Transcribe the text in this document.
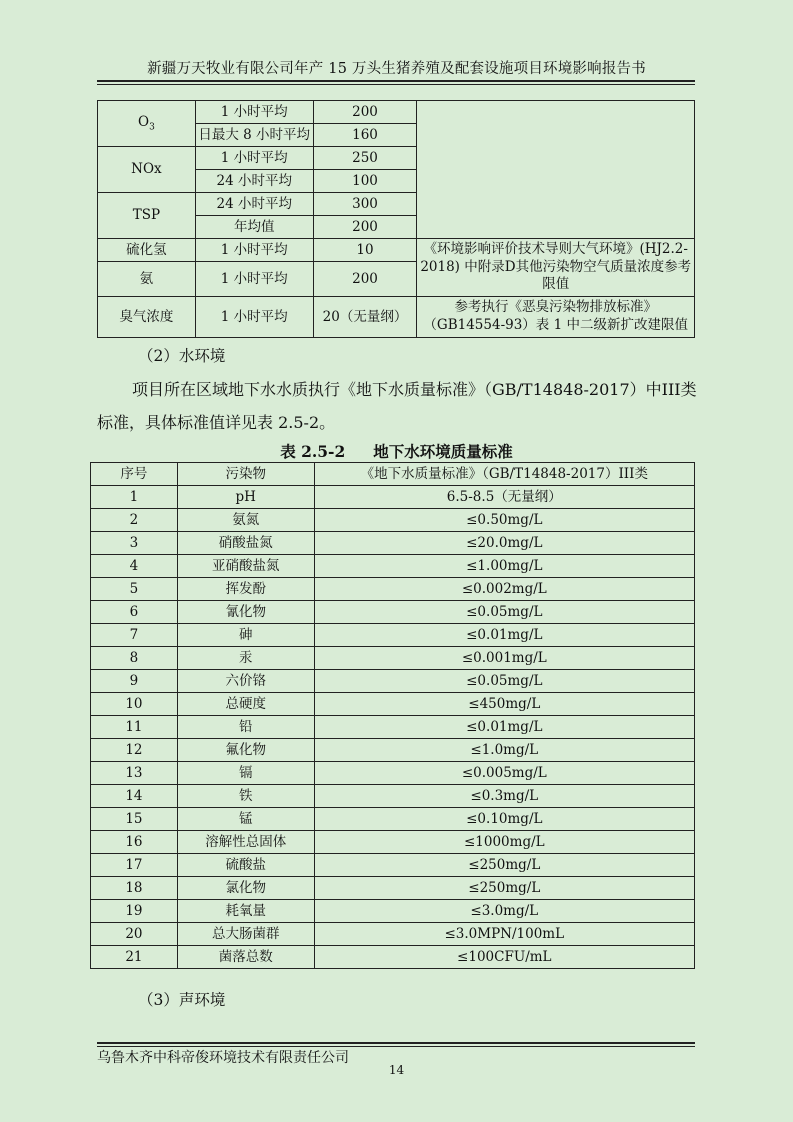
新疆万天牧业有限公司年产 15 万头生猪养殖及配套设施项目环境影响报告书
$O_3$	1 小时平均	200	
	日最大 8 小时平均	160	
NOx	1 小时平均	250	
	24 小时平均	100	
TSP	24 小时平均	300	
	年均值	200	
硫化氢	1 小时平均	10	《环境影响评价技术导则大气环境》(HJ2.2-2018) 中附录D其他污染物空气质量浓度参考限值
氨	1 小时平均	200	
臭气浓度	1 小时平均	20（无量纲）	参考执行《恶臭污染物排放标准》（GB14554-93）表 1 中二级新扩改建限值
（2）水环境
项目所在区域地下水水质执行《地下水质量标准》（GB/T14848-2017）中III类标准，具体标准值详见表 2.5-2。
表 2.5-2 地下水环境质量标准
序号	污染物	《地下水质量标准》（GB/T14848-2017）III类
1	pH	6.5-8.5（无量纲）
2	氨氮	≤0.50mg/L
3	硝酸盐氮	≤20.0mg/L
4	亚硝酸盐氮	≤1.00mg/L
5	挥发酚	≤0.002mg/L
6	氰化物	≤0.05mg/L
7	砷	≤0.01mg/L
8	汞	≤0.001mg/L
9	六价铬	≤0.05mg/L
10	总硬度	≤450mg/L
11	铅	≤0.01mg/L
12	氟化物	≤1.0mg/L
13	镉	≤0.005mg/L
14	铁	≤0.3mg/L
15	锰	≤0.10mg/L
16	溶解性总固体	≤1000mg/L
17	硫酸盐	≤250mg/L
18	氯化物	≤250mg/L
19	耗氧量	≤3.0mg/L
20	总大肠菌群	≤3.0MPN/100mL
21	菌落总数	≤100CFU/mL
（3）声环境
乌鲁木齐中科帝俊环境技术有限责任公司
14
